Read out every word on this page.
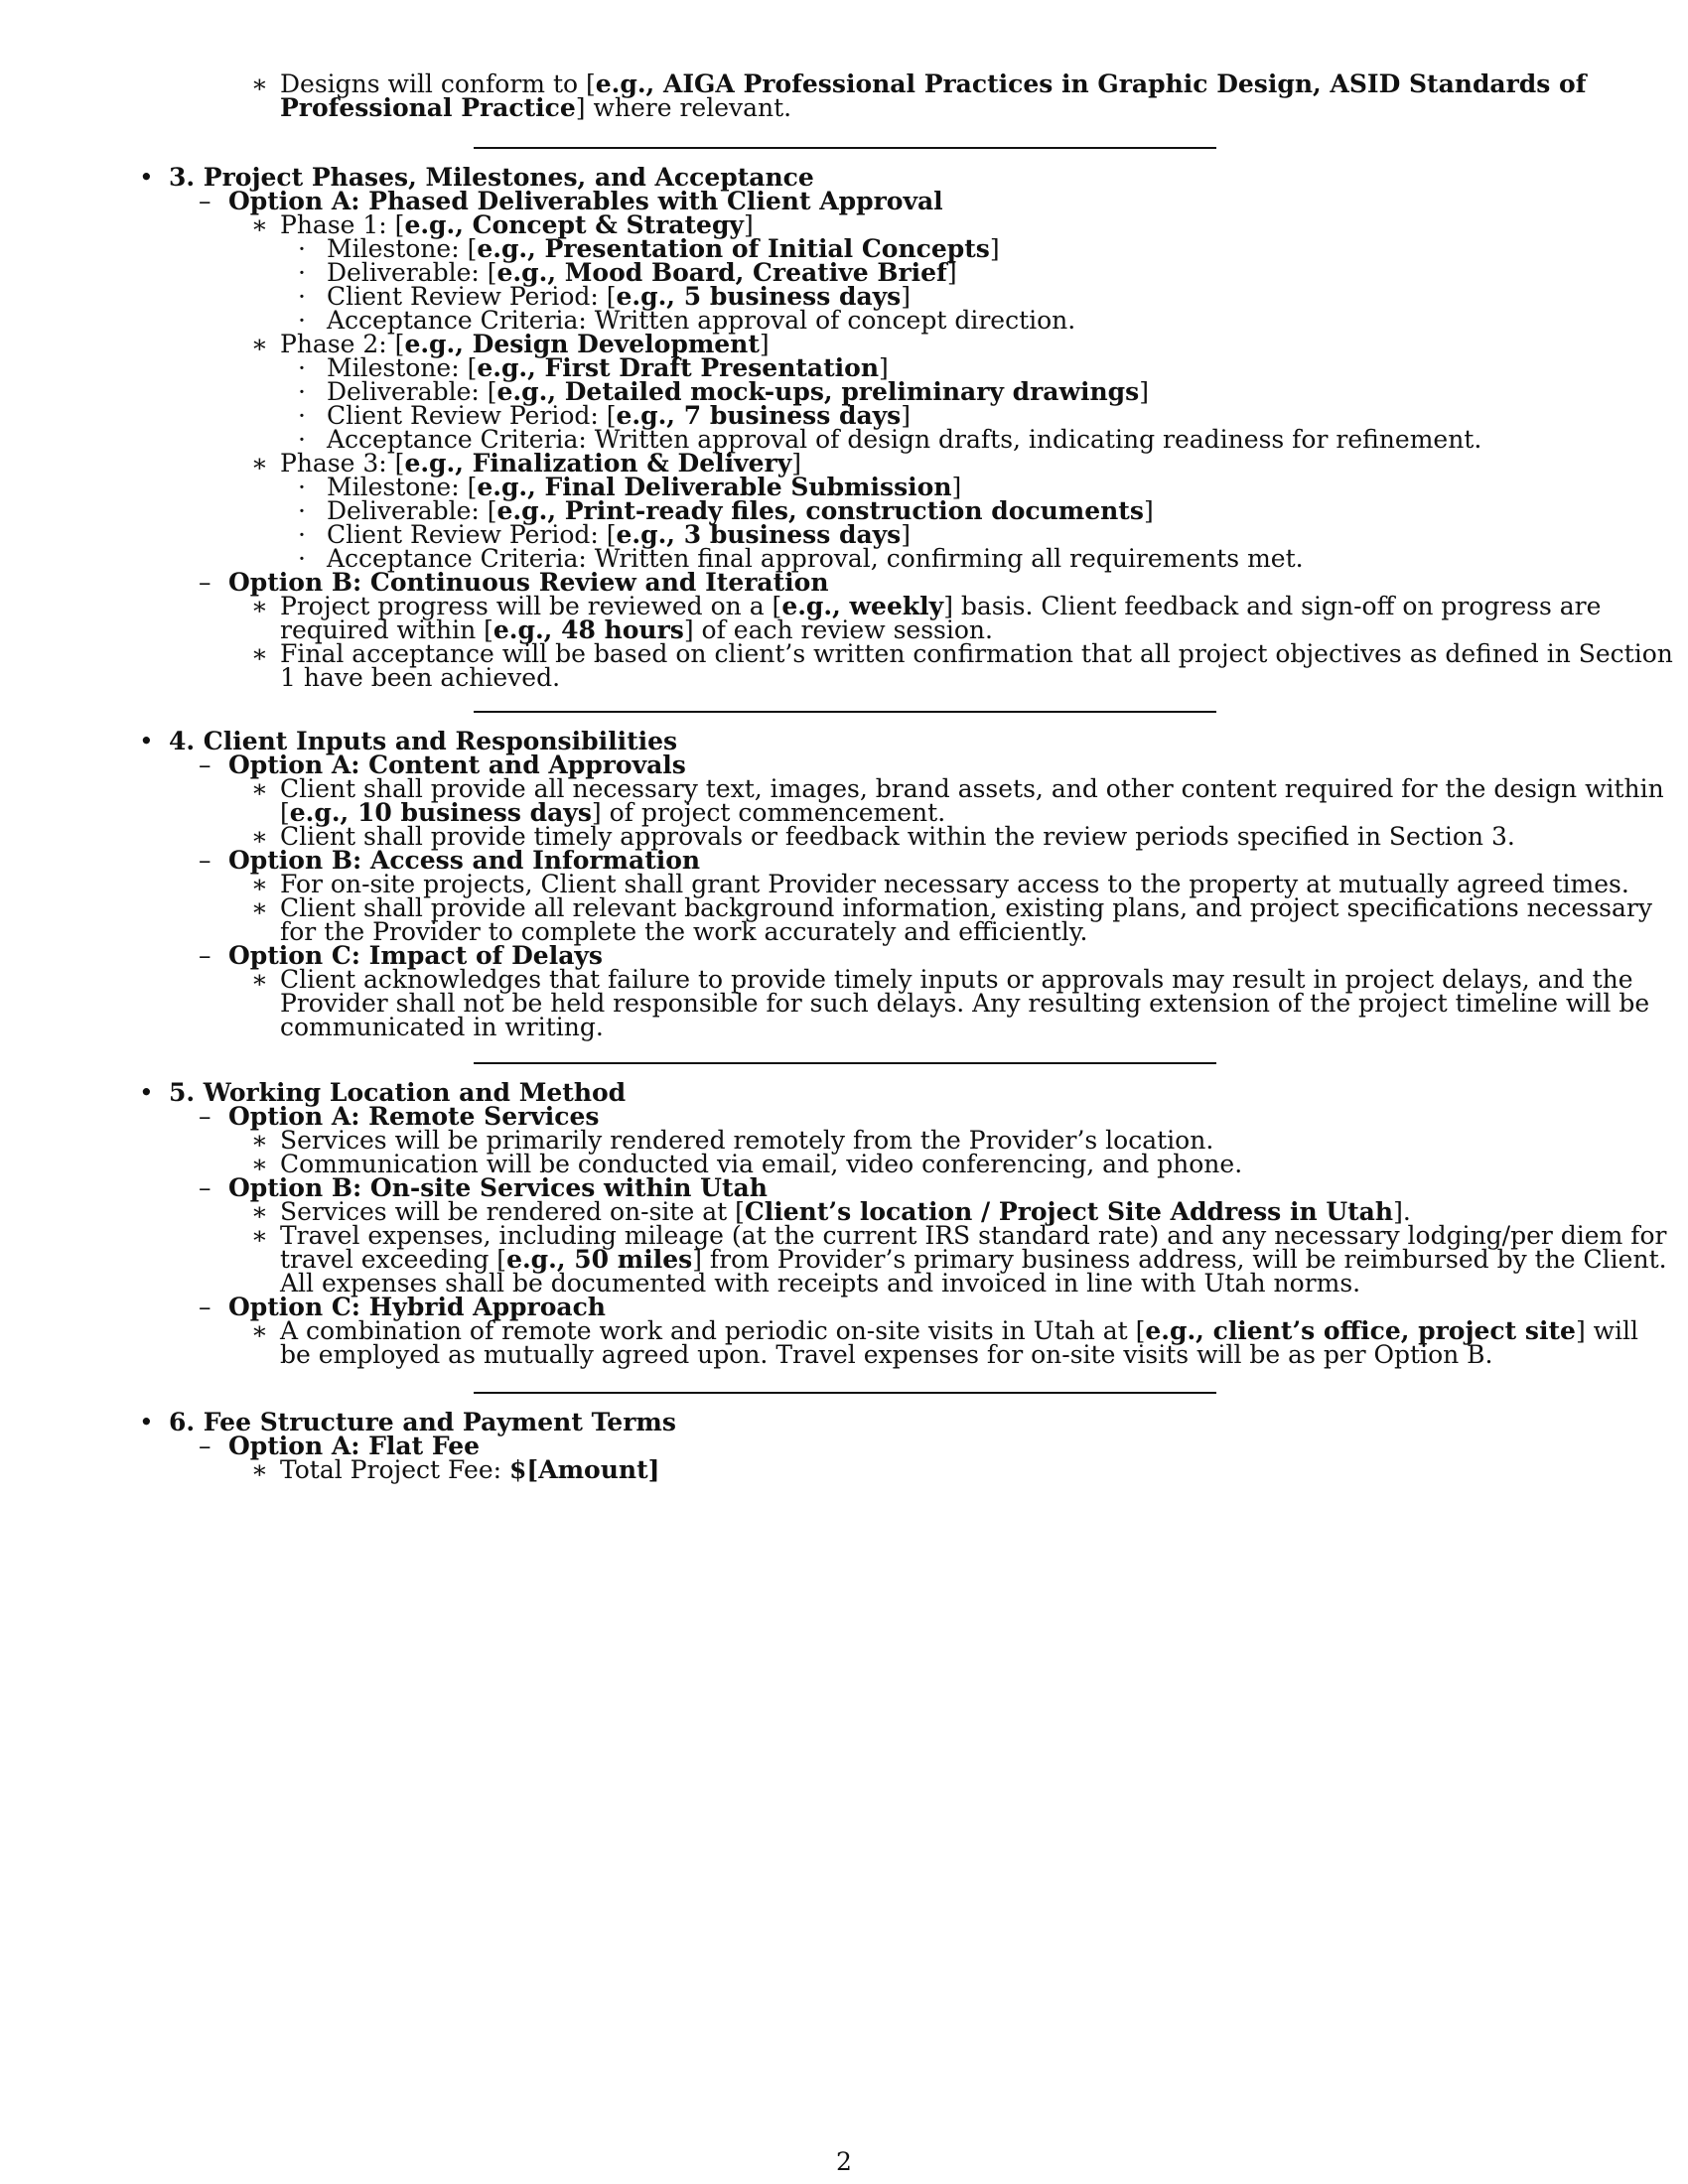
∗ Designs will conform to [e.g., AIGA Professional Practices in Graphic Design, ASID Standards of
Professional Practice] where relevant.
• 3. Project Phases, Milestones, and Acceptance
– Option A: Phased Deliverables with Client Approval
∗ Phase 1: [e.g., Concept & Strategy]
· Milestone: [e.g., Presentation of Initial Concepts]
· Deliverable: [e.g., Mood Board, Creative Brief]
· Client Review Period: [e.g., 5 business days]
· Acceptance Criteria: Written approval of concept direction.
∗ Phase 2: [e.g., Design Development]
· Milestone: [e.g., First Draft Presentation]
· Deliverable: [e.g., Detailed mock-ups, preliminary drawings]
· Client Review Period: [e.g., 7 business days]
· Acceptance Criteria: Written approval of design drafts, indicating readiness for refinement.
∗ Phase 3: [e.g., Finalization & Delivery]
· Milestone: [e.g., Final Deliverable Submission]
· Deliverable: [e.g., Print-ready files, construction documents]
· Client Review Period: [e.g., 3 business days]
· Acceptance Criteria: Written final approval, confirming all requirements met.
– Option B: Continuous Review and Iteration
∗ Project progress will be reviewed on a [e.g., weekly] basis. Client feedback and sign-off on progress are
required within [e.g., 48 hours] of each review session.
∗ Final acceptance will be based on client’s written confirmation that all project objectives as defined in Section
1 have been achieved.
• 4. Client Inputs and Responsibilities
– Option A: Content and Approvals
∗ Client shall provide all necessary text, images, brand assets, and other content required for the design within
[e.g., 10 business days] of project commencement.
∗ Client shall provide timely approvals or feedback within the review periods specified in Section 3.
– Option B: Access and Information
∗ For on-site projects, Client shall grant Provider necessary access to the property at mutually agreed times.
∗ Client shall provide all relevant background information, existing plans, and project specifications necessary
for the Provider to complete the work accurately and efficiently.
– Option C: Impact of Delays
∗ Client acknowledges that failure to provide timely inputs or approvals may result in project delays, and the
Provider shall not be held responsible for such delays. Any resulting extension of the project timeline will be
communicated in writing.
• 5. Working Location and Method
– Option A: Remote Services
∗ Services will be primarily rendered remotely from the Provider’s location.
∗ Communication will be conducted via email, video conferencing, and phone.
– Option B: On-site Services within Utah
∗ Services will be rendered on-site at [Client’s location / Project Site Address in Utah].
∗ Travel expenses, including mileage (at the current IRS standard rate) and any necessary lodging/per diem for
travel exceeding [e.g., 50 miles] from Provider’s primary business address, will be reimbursed by the Client.
All expenses shall be documented with receipts and invoiced in line with Utah norms.
– Option C: Hybrid Approach
∗ A combination of remote work and periodic on-site visits in Utah at [e.g., client’s office, project site] will
be employed as mutually agreed upon. Travel expenses for on-site visits will be as per Option B.
• 6. Fee Structure and Payment Terms
– Option A: Flat Fee
∗ Total Project Fee: $[Amount]
2
